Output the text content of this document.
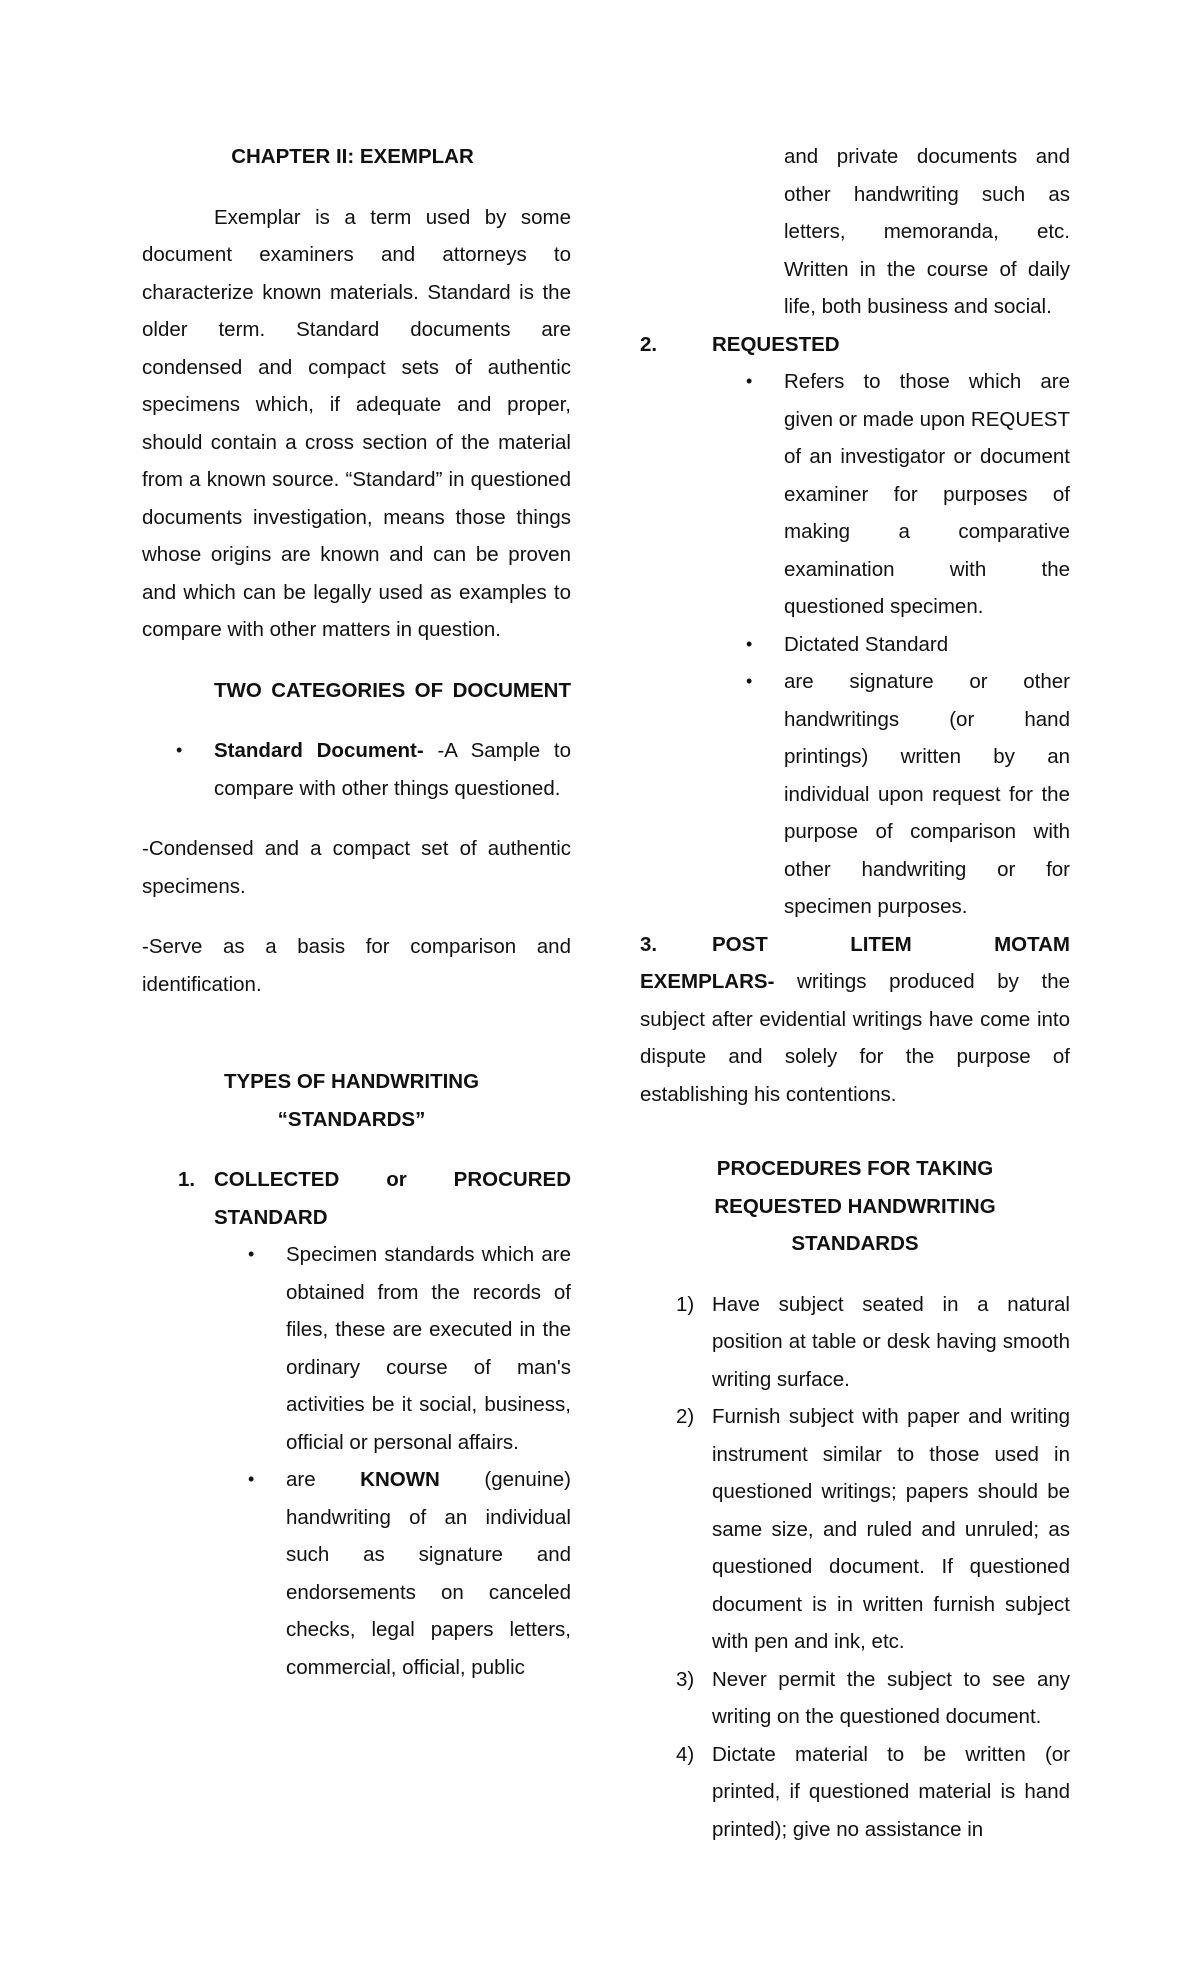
CHAPTER II: EXEMPLAR

Exemplar is a term used by some document examiners and attorneys to characterize known materials. Standard is the older term. Standard documents are condensed and compact sets of authentic specimens which, if adequate and proper, should contain a cross section of the material from a known source. “Standard” in questioned documents investigation, means those things whose origins are known and can be proven and which can be legally used as examples to compare with other matters in question.

TWO CATEGORIES OF DOCUMENT

• Standard Document- -A Sample to compare with other things questioned.

-Condensed and a compact set of authentic specimens.

-Serve as a basis for comparison and identification.

TYPES OF HANDWRITING

“STANDARDS”

1. COLLECTED or PROCURED STANDARD
• Specimen standards which are obtained from the records of files, these are executed in the ordinary course of man's activities be it social, business, official or personal affairs.
• are KNOWN (genuine) handwriting of an individual such as signature and endorsements on canceled checks, legal papers letters, commercial, official, public

and private documents and other handwriting such as letters, memoranda, etc. Written in the course of daily life, both business and social.

2.	REQUESTED
• Refers to those which are given or made upon REQUEST of an investigator or document examiner for purposes of making a comparative examination with the questioned specimen.
• Dictated Standard
• are signature or other handwritings (or hand printings) written by an individual upon request for the purpose of comparison with other handwriting or for specimen purposes.

3.	POST LITEM MOTAM EXEMPLARS- writings produced by the subject after evidential writings have come into dispute and solely for the purpose of establishing his contentions.

PROCEDURES FOR TAKING

REQUESTED HANDWRITING

STANDARDS

1) Have subject seated in a natural position at table or desk having smooth writing surface.
2) Furnish subject with paper and writing instrument similar to those used in questioned writings; papers should be same size, and ruled and unruled; as questioned document. If questioned document is in written furnish subject with pen and ink, etc.
3) Never permit the subject to see any writing on the questioned document.
4) Dictate material to be written (or printed, if questioned material is hand printed); give no assistance in
